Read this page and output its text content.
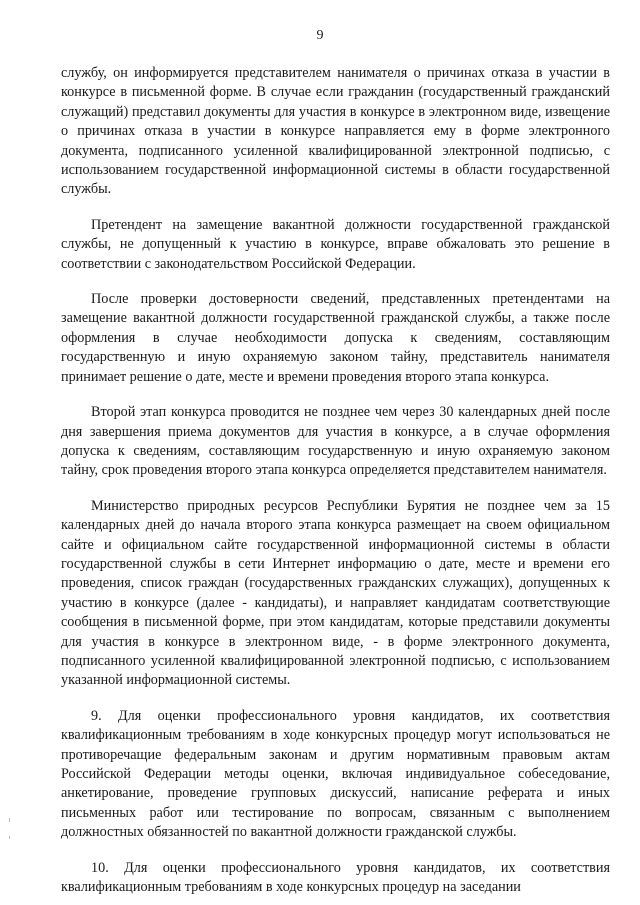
9

службу, он информируется представителем нанимателя о причинах отказа в участии в конкурсе в письменной форме. В случае если гражданин (государственный гражданский служащий) представил документы для участия в конкурсе в электронном виде, извещение о причинах отказа в участии в конкурсе направляется ему в форме электронного документа, подписанного усиленной квалифицированной электронной подписью, с использованием государственной информационной системы в области государственной службы.

Претендент на замещение вакантной должности государственной гражданской службы, не допущенный к участию в конкурсе, вправе обжаловать это решение в соответствии с законодательством Российской Федерации.

После проверки достоверности сведений, представленных претендентами на замещение вакантной должности государственной гражданской службы, а также после оформления в случае необходимости допуска к сведениям, составляющим государственную и иную охраняемую законом тайну, представитель нанимателя принимает решение о дате, месте и времени проведения второго этапа конкурса.

Второй этап конкурса проводится не позднее чем через 30 календарных дней после дня завершения приема документов для участия в конкурсе, а в случае оформления допуска к сведениям, составляющим государственную и иную охраняемую законом тайну, срок проведения второго этапа конкурса определяется представителем нанимателя.

Министерство природных ресурсов Республики Бурятия не позднее чем за 15 календарных дней до начала второго этапа конкурса размещает на своем официальном сайте и официальном сайте государственной информационной системы в области государственной службы в сети Интернет информацию о дате, месте и времени его проведения, список граждан (государственных гражданских служащих), допущенных к участию в конкурсе (далее - кандидаты), и направляет кандидатам соответствующие сообщения в письменной форме, при этом кандидатам, которые представили документы для участия в конкурсе в электронном виде, - в форме электронного документа, подписанного усиленной квалифицированной электронной подписью, с использованием указанной информационной системы.

9. Для оценки профессионального уровня кандидатов, их соответствия квалификационным требованиям в ходе конкурсных процедур могут использоваться не противоречащие федеральным законам и другим нормативным правовым актам Российской Федерации методы оценки, включая индивидуальное собеседование, анкетирование, проведение групповых дискуссий, написание реферата и иных письменных работ или тестирование по вопросам, связанным с выполнением должностных обязанностей по вакантной должности гражданской службы.

10. Для оценки профессионального уровня кандидатов, их соответствия квалификационным требованиям в ходе конкурсных процедур на заседании
